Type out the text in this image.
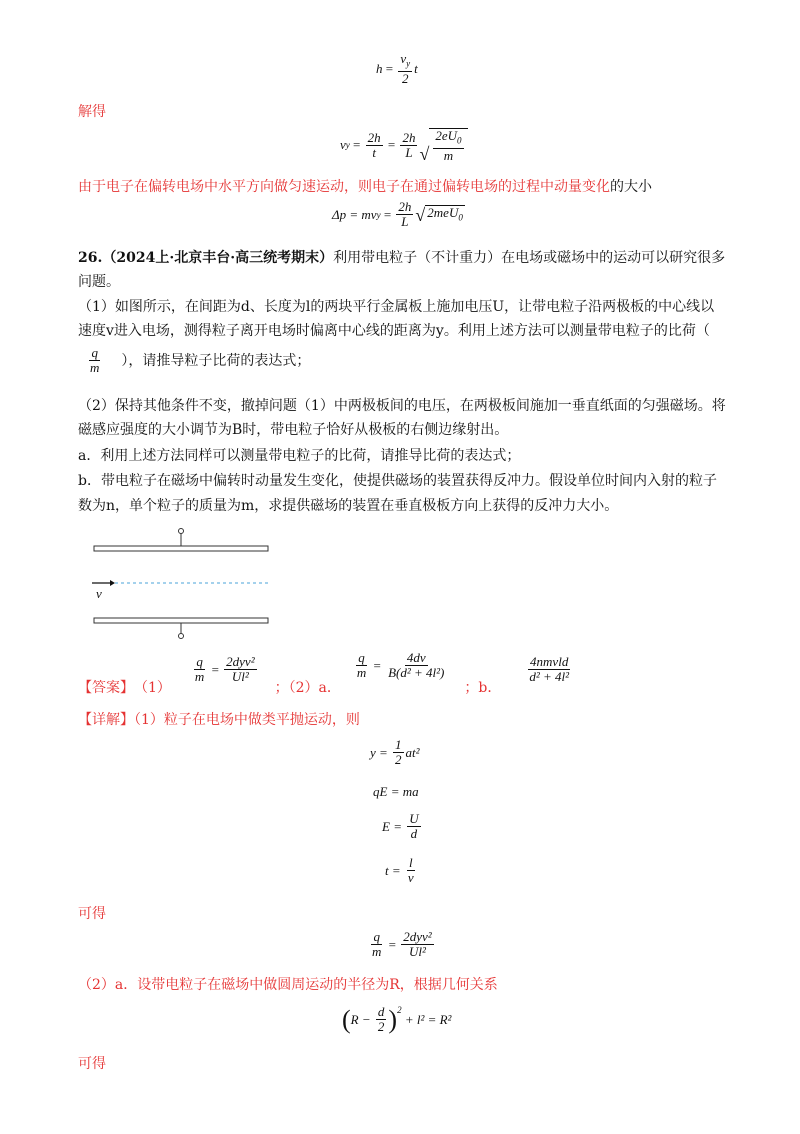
$h = \frac{v_y}{2}$ t
解得
v $y = \frac{2h}{t} = \frac{2h}{L}$ √ $\frac{2eU_0}{m}$
由于电子在偏转电场中水平方向做匀速运动，则电子在通过偏转电场的过程中动量变化的大小
Δp = mv $y = \frac{2h}{L}$ √ 2meU$_0$
26.（2024上·北京丰台·高三统考期末）利用带电粒子（不计重力）在电场或磁场中的运动可以研究很多
问题。
（1）如图所示，在间距为d、长度为l的两块平行金属板上施加电压U，让带电粒子沿两极板的中心线以
速度v进入电场，测得粒子离开电场时偏离中心线的距离为y。利用上述方法可以测量带电粒子的比荷（
$\frac{q}{m}$ ），请推导粒子比荷的表达式；
（2）保持其他条件不变，撤掉问题（1）中两极板间的电压，在两极板间施加一垂直纸面的匀强磁场。将
磁感应强度的大小调节为B时，带电粒子恰好从极板的右侧边缘射出。
a．利用上述方法同样可以测量带电粒子的比荷，请推导比荷的表达式；
b．带电粒子在磁场中偏转时动量发生变化，使提供磁场的装置获得反冲力。假设单位时间内入射的粒子
数为n，单个粒子的质量为m，求提供磁场的装置在垂直极板方向上获得的反冲力大小。
v
【答案】 （1）
$\frac{q}{m} = \frac{\text{2dyv²}}{\text{Ul²}}$
；（2）a．
$\frac{q}{m} = \frac{4dv}{\text{B(d² + 4l²)}}$
；b．
$\frac{\text{4nmvld}}{\text{d² + 4l²}}$
【详解】（1）粒子在电场中做类平抛运动，则
y =
$\frac{1}{2} at^2$
qE = ma
E =
$\frac{U}{d}$
t =
$\frac{l}{v}$
可得
$\frac{q}{m} = \frac{\text{2dyv²}}{\text{Ul²}}$
（2）a．设带电粒子在磁场中做圆周运动的半径为R，根据几何关系
( R −
$\frac{d}{2} )^2$

+ l² = R²
可得
